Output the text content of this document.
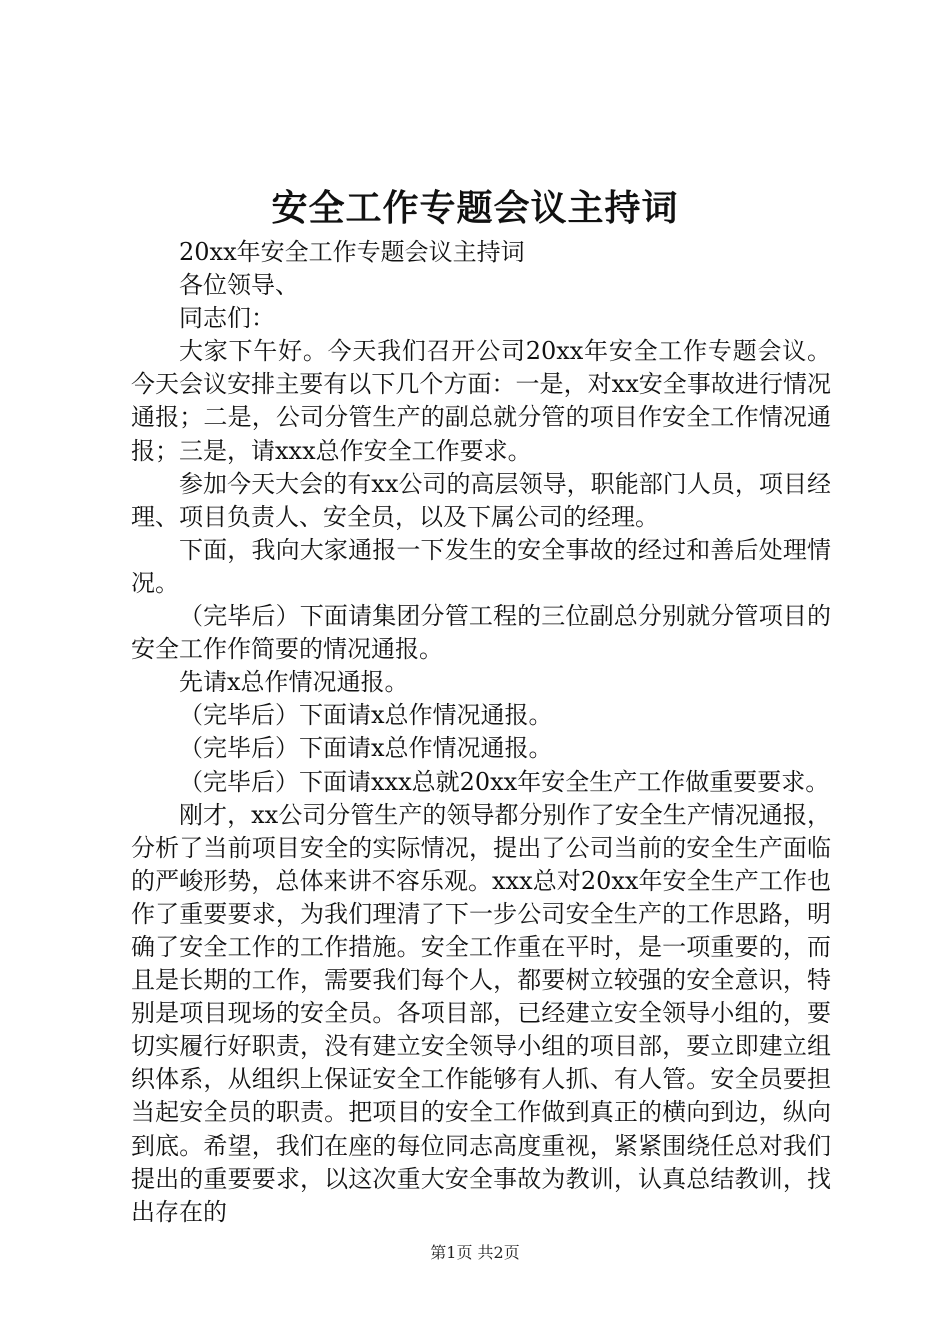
安全工作专题会议主持词

20xx年安全工作专题会议主持词

各位领导、

同志们：

大家下午好。今天我们召开公司20xx年安全工作专题会议。今天会议安排主要有以下几个方面：一是，对xx安全事故进行情况通报；二是，公司分管生产的副总就分管的项目作安全工作情况通报；三是，请xxx总作安全工作要求。

参加今天大会的有xx公司的高层领导，职能部门人员，项目经理、项目负责人、安全员，以及下属公司的经理。

下面，我向大家通报一下发生的安全事故的经过和善后处理情况。

（完毕后）下面请集团分管工程的三位副总分别就分管项目的安全工作作简要的情况通报。

先请x总作情况通报。

（完毕后）下面请x总作情况通报。

（完毕后）下面请x总作情况通报。

（完毕后）下面请xxx总就20xx年安全生产工作做重要要求。

刚才，xx公司分管生产的领导都分别作了安全生产情况通报，分析了当前项目安全的实际情况，提出了公司当前的安全生产面临的严峻形势，总体来讲不容乐观。xxx总对20xx年安全生产工作也作了重要要求，为我们理清了下一步公司安全生产的工作思路，明确了安全工作的工作措施。安全工作重在平时，是一项重要的，而且是长期的工作，需要我们每个人，都要树立较强的安全意识，特别是项目现场的安全员。各项目部，已经建立安全领导小组的，要切实履行好职责，没有建立安全领导小组的项目部，要立即建立组织体系，从组织上保证安全工作能够有人抓、有人管。安全员要担当起安全员的职责。把项目的安全工作做到真正的横向到边，纵向到底。希望，我们在座的每位同志高度重视，紧紧围绕任总对我们提出的重要要求，以这次重大安全事故为教训，认真总结教训，找出存在的

第1页 共2页
